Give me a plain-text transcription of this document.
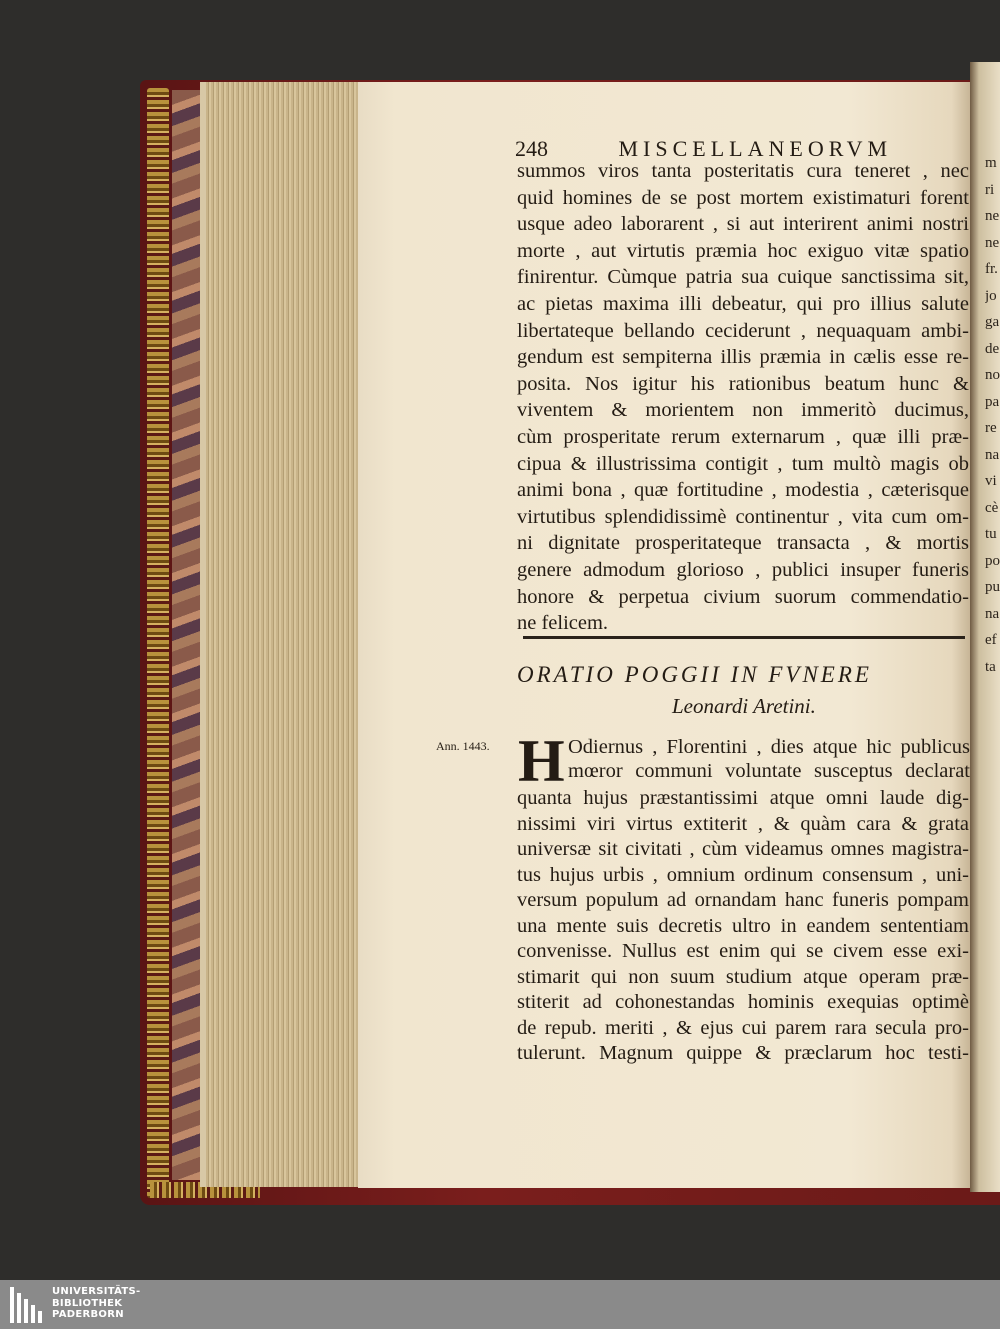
m
ri
ne
ne
fr.
jo
ga
de
no
pa
re
na
vi
cè
tu
po
pu
na
ef
ta
248	MISCELLANEORVM
summos viros tanta posteritatis cura teneret , nec
quid homines de se post mortem existimaturi forent
usque adeo laborarent , si aut interirent animi nostri
morte , aut virtutis præmia hoc exiguo vitæ spatio
finirentur. Cùmque patria sua cuique sanctissima sit,
ac pietas maxima illi debeatur, qui pro illius salute
libertateque bellando ceciderunt , nequaquam ambi-
gendum est sempiterna illis præmia in cælis esse re-
posita. Nos igitur his rationibus beatum hunc &
viventem & morientem non immeritò ducimus,
cùm prosperitate rerum externarum , quæ illi præ-
cipua & illustrissima contigit , tum multò magis ob
animi bona , quæ fortitudine , modestia , cæterisque
virtutibus splendidissimè continentur , vita cum om-
ni dignitate prosperitateque transacta , & mortis
genere admodum glorioso , publici insuper funeris
honore & perpetua civium suorum commendatio-
ne felicem.
ORATIO POGGII IN FVNERE
Leonardi Aretini.
Ann. 1443. H Odiernus , Florentini , dies atque hic publicus
mœror communi voluntate susceptus declarat
quanta hujus præstantissimi atque omni laude dig-
nissimi viri virtus extiterit , & quàm cara & grata
universæ sit civitati , cùm videamus omnes magistra-
tus hujus urbis , omnium ordinum consensum , uni-
versum populum ad ornandam hanc funeris pompam
una mente suis decretis ultro in eandem sententiam
convenisse. Nullus est enim qui se civem esse exi-
stimarit qui non suum studium atque operam præ-
stiterit ad cohonestandas hominis exequias optimè
de repub. meriti , & ejus cui parem rara secula pro-
tulerunt. Magnum quippe & præclarum hoc testi-
UNIVERSITÄTS-
BIBLIOTHEK
PADERBORN
